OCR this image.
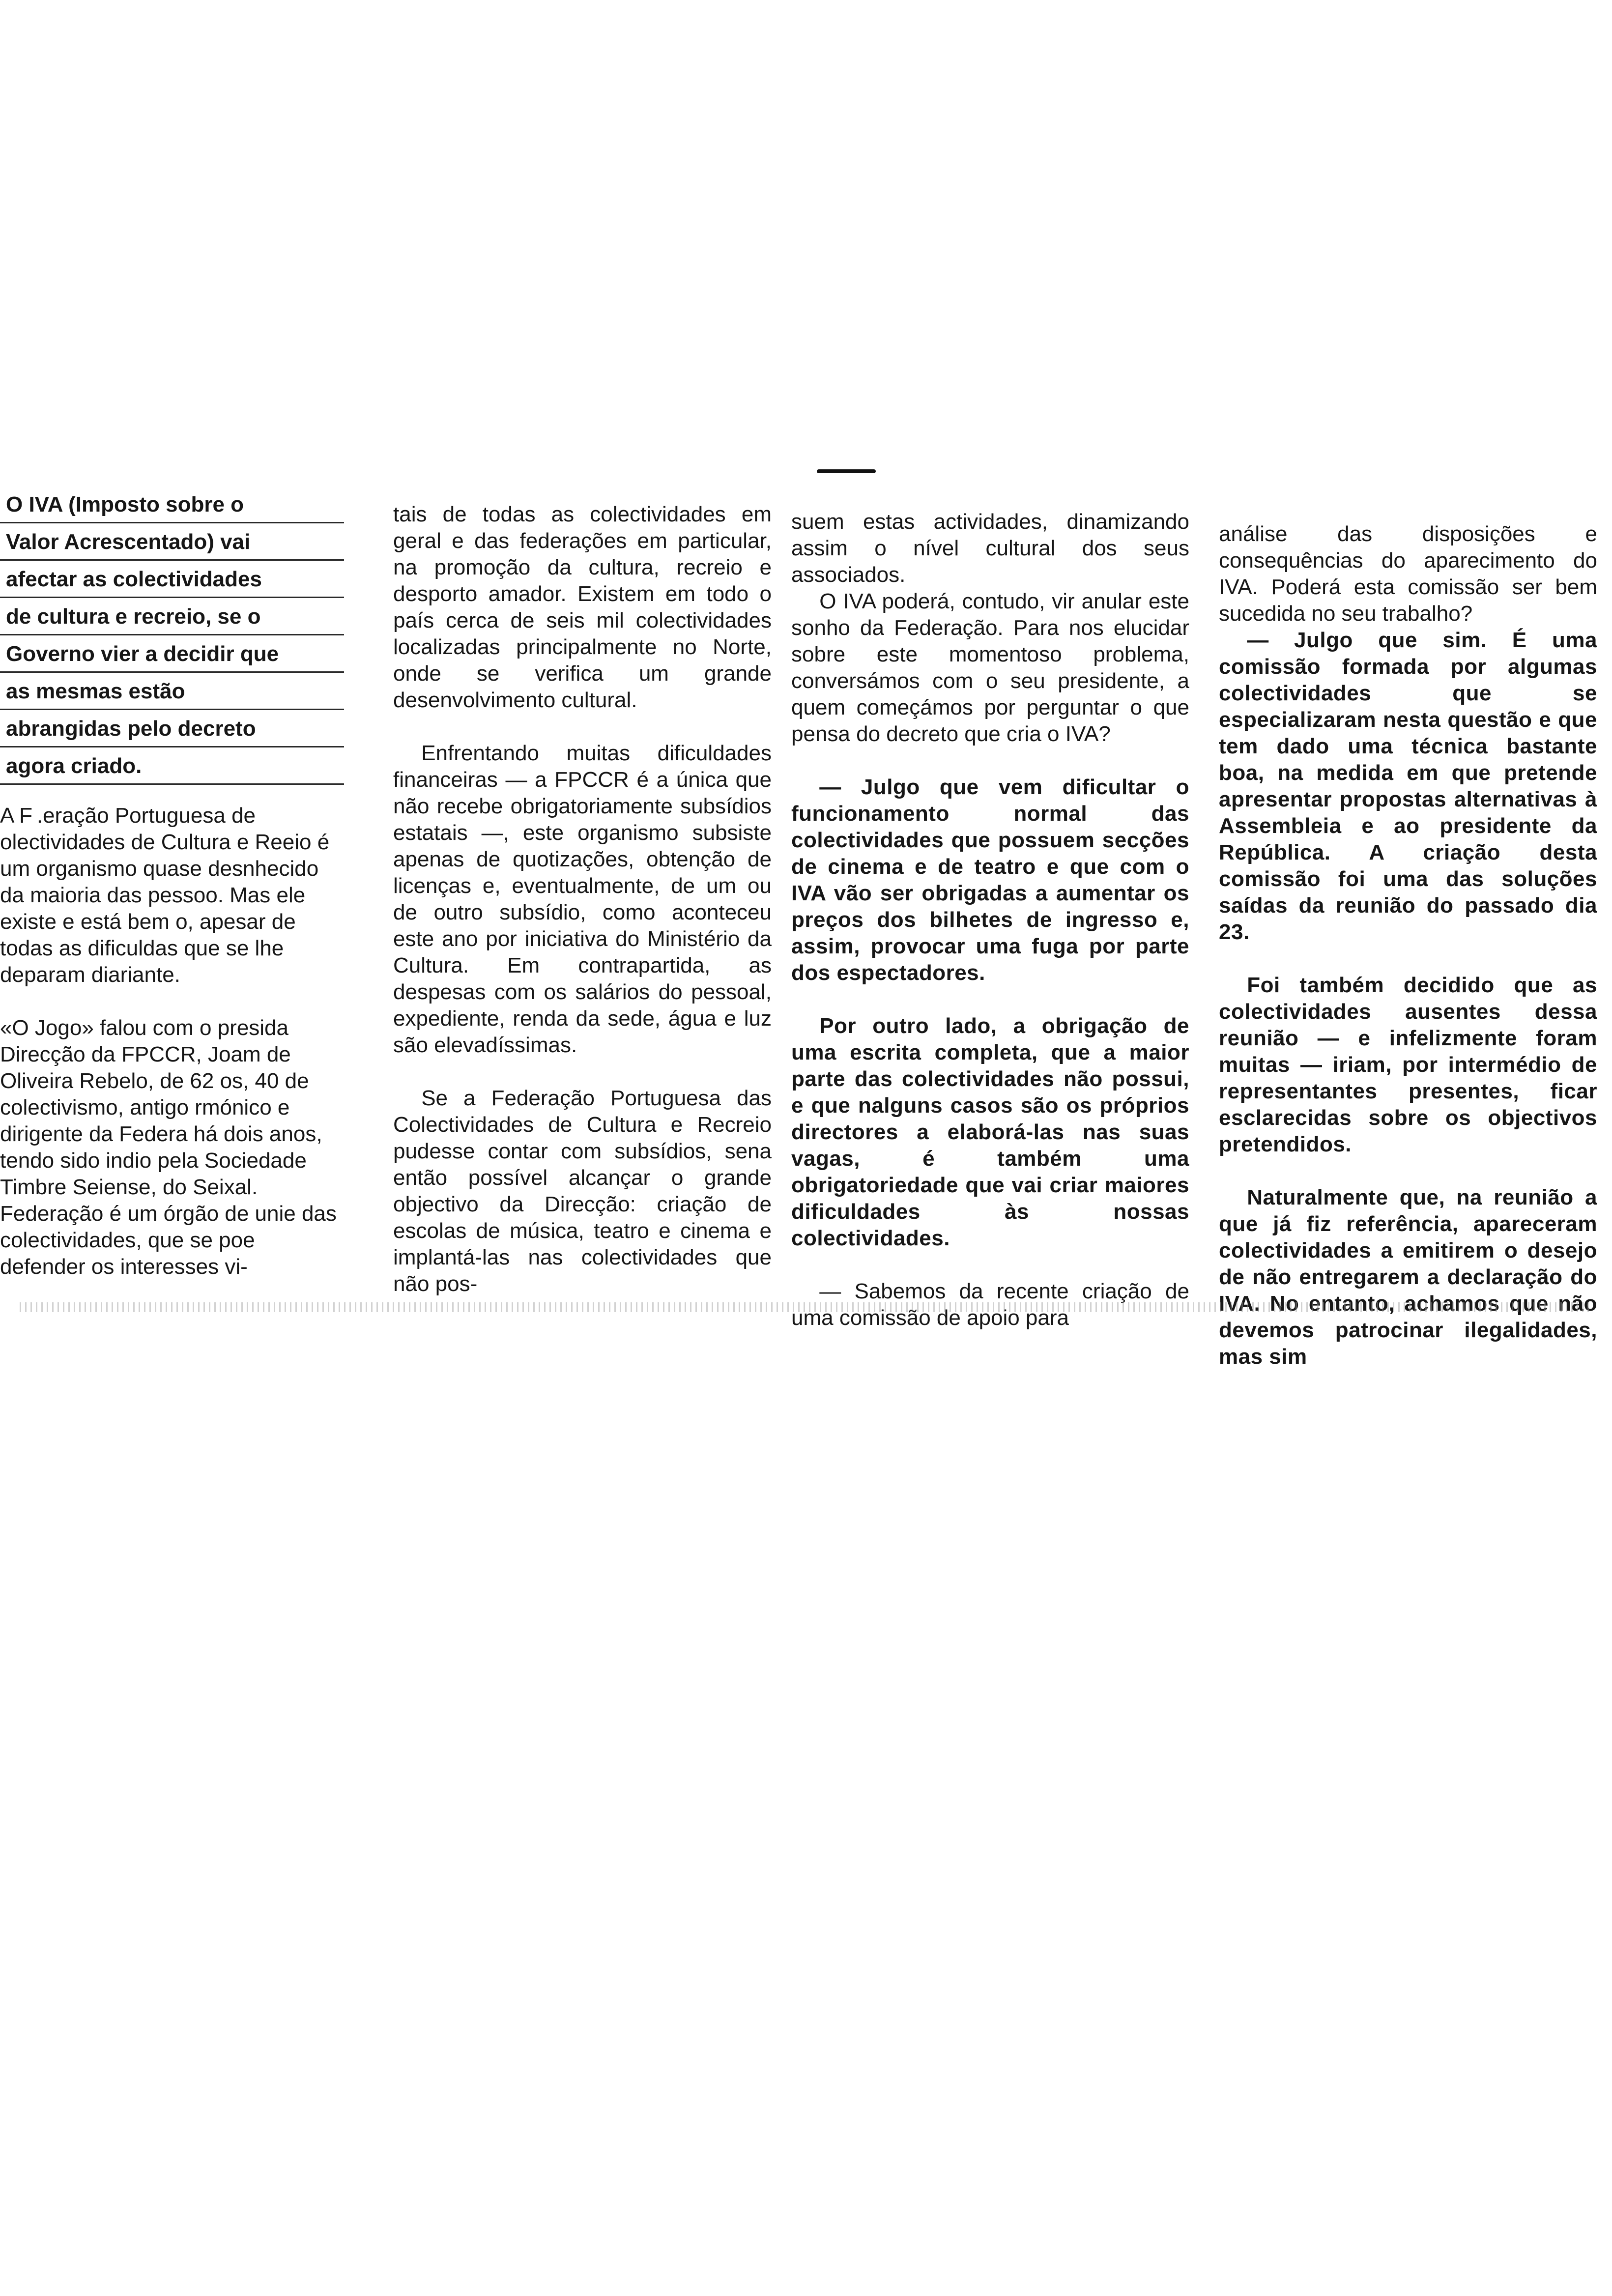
O IVA (Imposto sobre o

Valor Acrescentado) vai

afectar as colectividades

de cultura e recreio, se o

Governo vier a decidir que

as mesmas estão

abrangidas pelo decreto

agora criado.

A F .eração Portuguesa de olectividades de Cultura e Reeio é um organismo quase desnhecido da maioria das pessoo. Mas ele existe e está bem o, apesar de todas as dificuldas que se lhe deparam diariante.

«O Jogo» falou com o presida Direcção da FPCCR, Joam de Oliveira Rebelo, de 62 os, 40 de colectivismo, antigo rmónico e dirigente da Federa há dois anos, tendo sido indio pela Sociedade Timbre Seiense, do Seixal.

Federação é um órgão de unie das colectividades, que se poe defender os interesses vi-

tais de todas as colectividades em geral e das federações em particular, na promoção da cultura, recreio e desporto amador. Existem em todo o país cerca de seis mil colectividades localizadas principalmente no Norte, onde se verifica um grande desenvolvimento cultural.

Enfrentando muitas dificuldades financeiras — a FPCCR é a única que não recebe obrigatoriamente subsídios estatais —, este organismo subsiste apenas de quotizações, obtenção de licenças e, eventualmente, de um ou de outro subsídio, como aconteceu este ano por iniciativa do Ministério da Cultura. Em contrapartida, as despesas com os salários do pessoal, expediente, renda da sede, água e luz são elevadíssimas.

Se a Federação Portuguesa das Colectividades de Cultura e Recreio pudesse contar com subsídios, sena então possível alcançar o grande objectivo da Direcção: criação de escolas de música, teatro e cinema e implantá-las nas colectividades que não pos-

suem estas actividades, dinamizando assim o nível cultural dos seus associados.

O IVA poderá, contudo, vir anular este sonho da Federação. Para nos elucidar sobre este momentoso problema, conversámos com o seu presidente, a quem começámos por perguntar o que pensa do decreto que cria o IVA?

— Julgo que vem dificultar o funcionamento normal das colectividades que possuem secções de cinema e de teatro e que com o IVA vão ser obrigadas a aumentar os preços dos bilhetes de ingresso e, assim, provocar uma fuga por parte dos espectadores.

Por outro lado, a obrigação de uma escrita completa, que a maior parte das colectividades não possui, e que nalguns casos são os próprios directores a elaborá-las nas suas vagas, é também uma obrigatoriedade que vai criar maiores dificuldades às nossas colectividades.

— Sabemos da recente criação de uma comissão de apoio para

análise das disposições e consequências do aparecimento do IVA. Poderá esta comissão ser bem sucedida no seu trabalho?

— Julgo que sim. É uma comissão formada por algumas colectividades que se especializaram nesta questão e que tem dado uma técnica bastante boa, na medida em que pretende apresentar propostas alternativas à Assembleia e ao presidente da República. A criação desta comissão foi uma das soluções saídas da reunião do passado dia 23.

Foi também decidido que as colectividades ausentes dessa reunião — e infelizmente foram muitas — iriam, por intermédio de representantes presentes, ficar esclarecidas sobre os objectivos pretendidos.

Naturalmente que, na reunião a que já fiz referência, apareceram colectividades a emitirem o desejo de não entregarem a declaração do IVA. No entanto, achamos que não devemos patrocinar ilegalidades, mas sim
